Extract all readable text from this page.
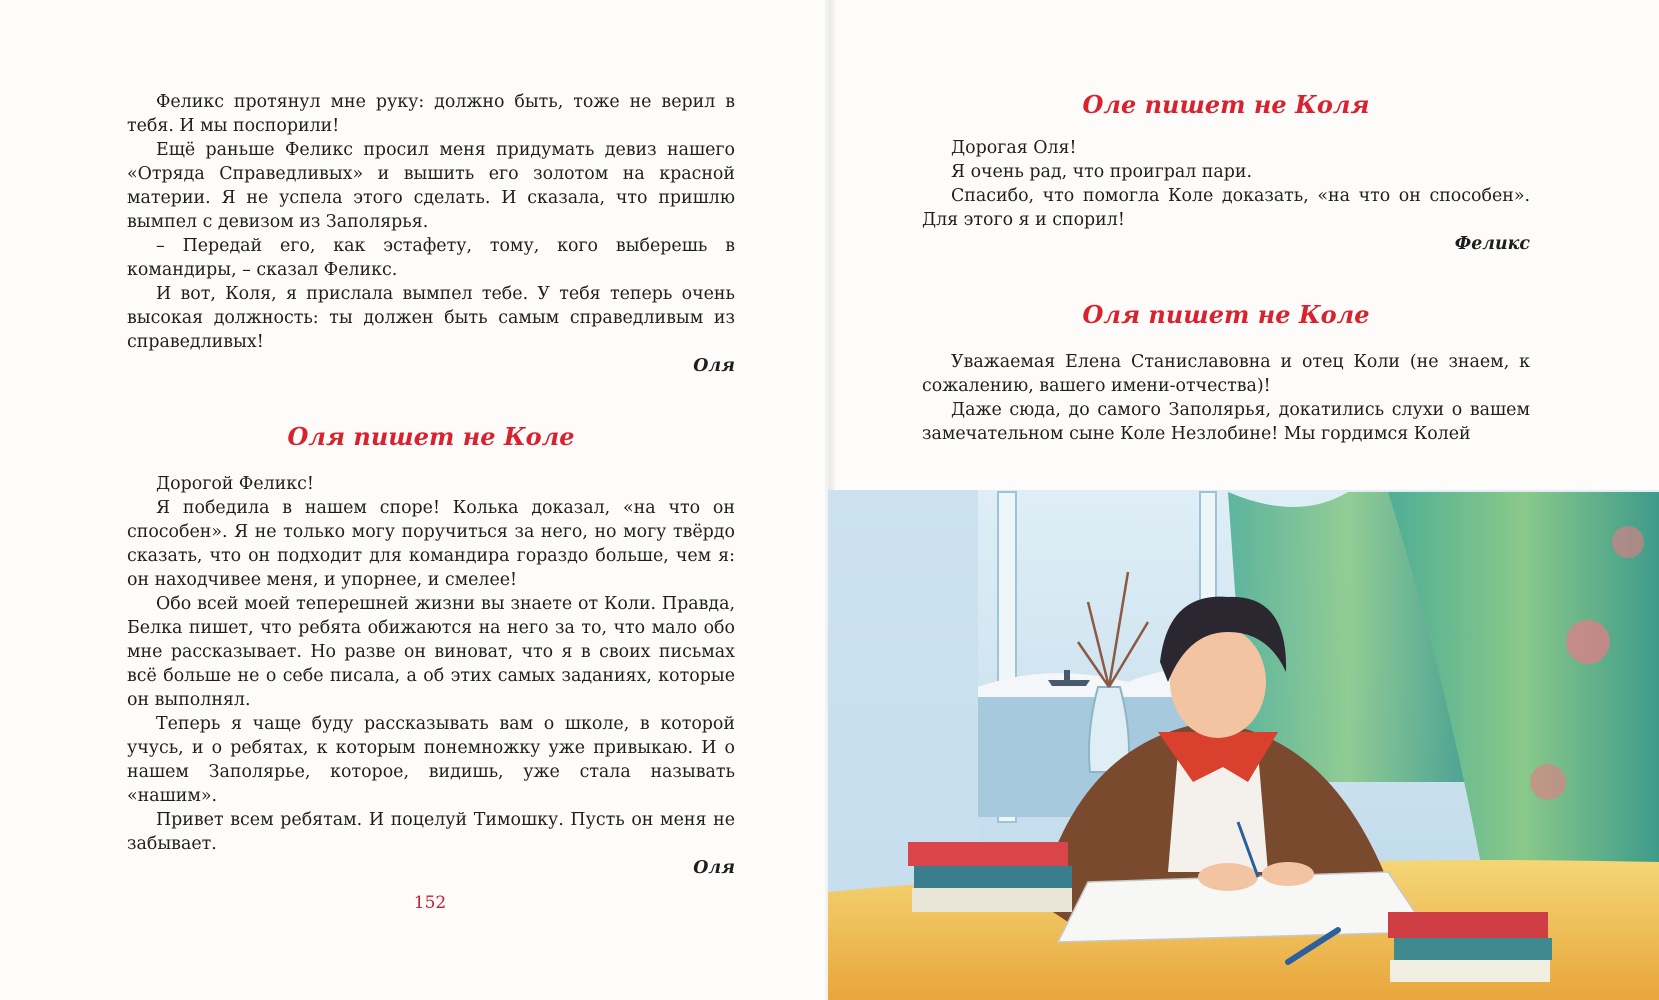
Феликс протянул мне руку: должно быть, тоже не верил в тебя. И мы поспорили!

Ещё раньше Феликс просил меня придумать девиз нашего «Отряда Справедливых» и вышить его золотом на красной материи. Я не успела этого сделать. И сказала, что пришлю вымпел с девизом из Заполярья.

– Передай его, как эстафету, тому, кого выберешь в командиры, – сказал Феликс.

И вот, Коля, я прислала вымпел тебе. У тебя теперь очень высокая должность: ты должен быть самым справедливым из справедливых!

Оля

Оля пишет не Коле

Дорогой Феликс!

Я победила в нашем споре! Колька доказал, «на что он способен». Я не только могу поручиться за него, но могу твёрдо сказать, что он подходит для командира гораздо больше, чем я: он находчивее меня, и упорнее, и смелее!

Обо всей моей теперешней жизни вы знаете от Коли. Правда, Белка пишет, что ребята обижаются на него за то, что мало обо мне рассказывает. Но разве он виноват, что я в своих письмах всё больше не о себе писала, а об этих самых заданиях, которые он выполнял.

Теперь я чаще буду рассказывать вам о школе, в которой учусь, и о ребятах, к которым понемножку уже привыкаю. И о нашем Заполярье, которое, видишь, уже стала называть «нашим».

Привет всем ребятам. И поцелуй Тимошку. Пусть он меня не забывает.

Оля

152
Оле пишет не Коля

Дорогая Оля!

Я очень рад, что проиграл пари.

Спасибо, что помогла Коле доказать, «на что он способен». Для этого я и спорил!

Феликс

Оля пишет не Коле

Уважаемая Елена Станиславовна и отец Коли (не знаем, к сожалению, вашего имени-отчества)!

Даже сюда, до самого Заполярья, докатились слухи о вашем замечательном сыне Коле Незлобине! Мы гордимся Колей
